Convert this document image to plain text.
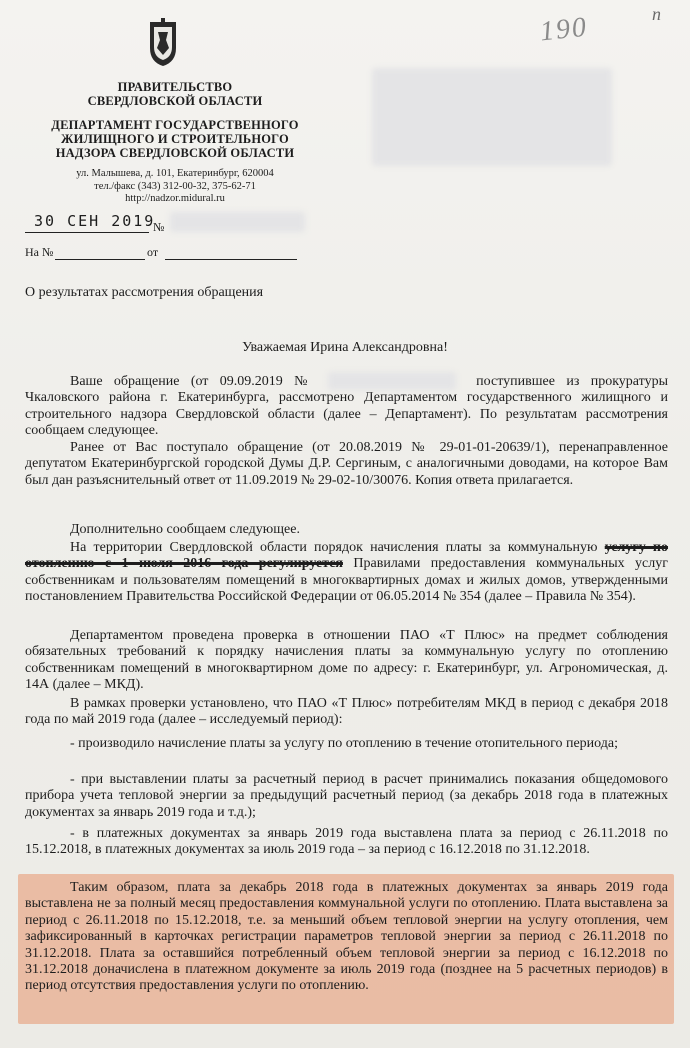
190	п
ПРАВИТЕЛЬСТВО
СВЕРДЛОВСКОЙ ОБЛАСТИ
ДЕПАРТАМЕНТ ГОСУДАРСТВЕННОГО
ЖИЛИЩНОГО И СТРОИТЕЛЬНОГО
НАДЗОРА СВЕРДЛОВСКОЙ ОБЛАСТИ
ул. Малышева, д. 101, Екатеринбург, 620004
тел./факс (343) 312-00-32, 375-62-71
http://nadzor.midural.ru
30 СЕН 2019
№
На №	от
О результатах рассмотрения обращения
Уважаемая Ирина Александровна!

Ваше обращение (от 09.09.2019 №	поступившее из прокуратуры Чкаловского района г. Екатеринбурга, рассмотрено Департаментом государственного жилищного и строительного надзора Свердловской области (далее – Департамент). По результатам рассмотрения сообщаем следующее.

Ранее от Вас поступало обращение (от 20.08.2019 № 29-01-01-20639/1), перенаправленное депутатом Екатеринбургской городской Думы Д.Р. Сергиным, с аналогичными доводами, на которое Вам был дан разъяснительный ответ от 11.09.2019 № 29-02-10/30076. Копия ответа прилагается.

Дополнительно сообщаем следующее.

На территории Свердловской области порядок начисления платы за коммунальную услугу по отоплению с 1 июля 2016 года регулируется Правилами предоставления коммунальных услуг собственникам и пользователям помещений в многоквартирных домах и жилых домов, утвержденными постановлением Правительства Российской Федерации от 06.05.2014 № 354 (далее – Правила № 354).

Департаментом проведена проверка в отношении ПАО «Т Плюс» на предмет соблюдения обязательных требований к порядку начисления платы за коммунальную услугу по отоплению собственникам помещений в многоквартирном доме по адресу: г. Екатеринбург, ул. Агрономическая, д. 14А (далее – МКД).

В рамках проверки установлено, что ПАО «Т Плюс» потребителям МКД в период с декабря 2018 года по май 2019 года (далее – исследуемый период):

- производило начисление платы за услугу по отоплению в течение отопительного периода;

- при выставлении платы за расчетный период в расчет принимались показания общедомового прибора учета тепловой энергии за предыдущий расчетный период (за декабрь 2018 года в платежных документах за январь 2019 года и т.д.);

- в платежных документах за январь 2019 года выставлена плата за период с 26.11.2018 по 15.12.2018, в платежных документах за июль 2019 года – за период с 16.12.2018 по 31.12.2018.

Таким образом, плата за декабрь 2018 года в платежных документах за январь 2019 года выставлена не за полный месяц предоставления коммунальной услуги по отоплению. Плата выставлена за период с 26.11.2018 по 15.12.2018, т.е. за меньший объем тепловой энергии на услугу отопления, чем зафиксированный в карточках регистрации параметров тепловой энергии за период с 26.11.2018 по 31.12.2018. Плата за оставшийся потребленный объем тепловой энергии за период с 16.12.2018 по 31.12.2018 доначислена в платежном документе за июль 2019 года (позднее на 5 расчетных периодов) в период отсутствия предоставления услуги по отоплению.
